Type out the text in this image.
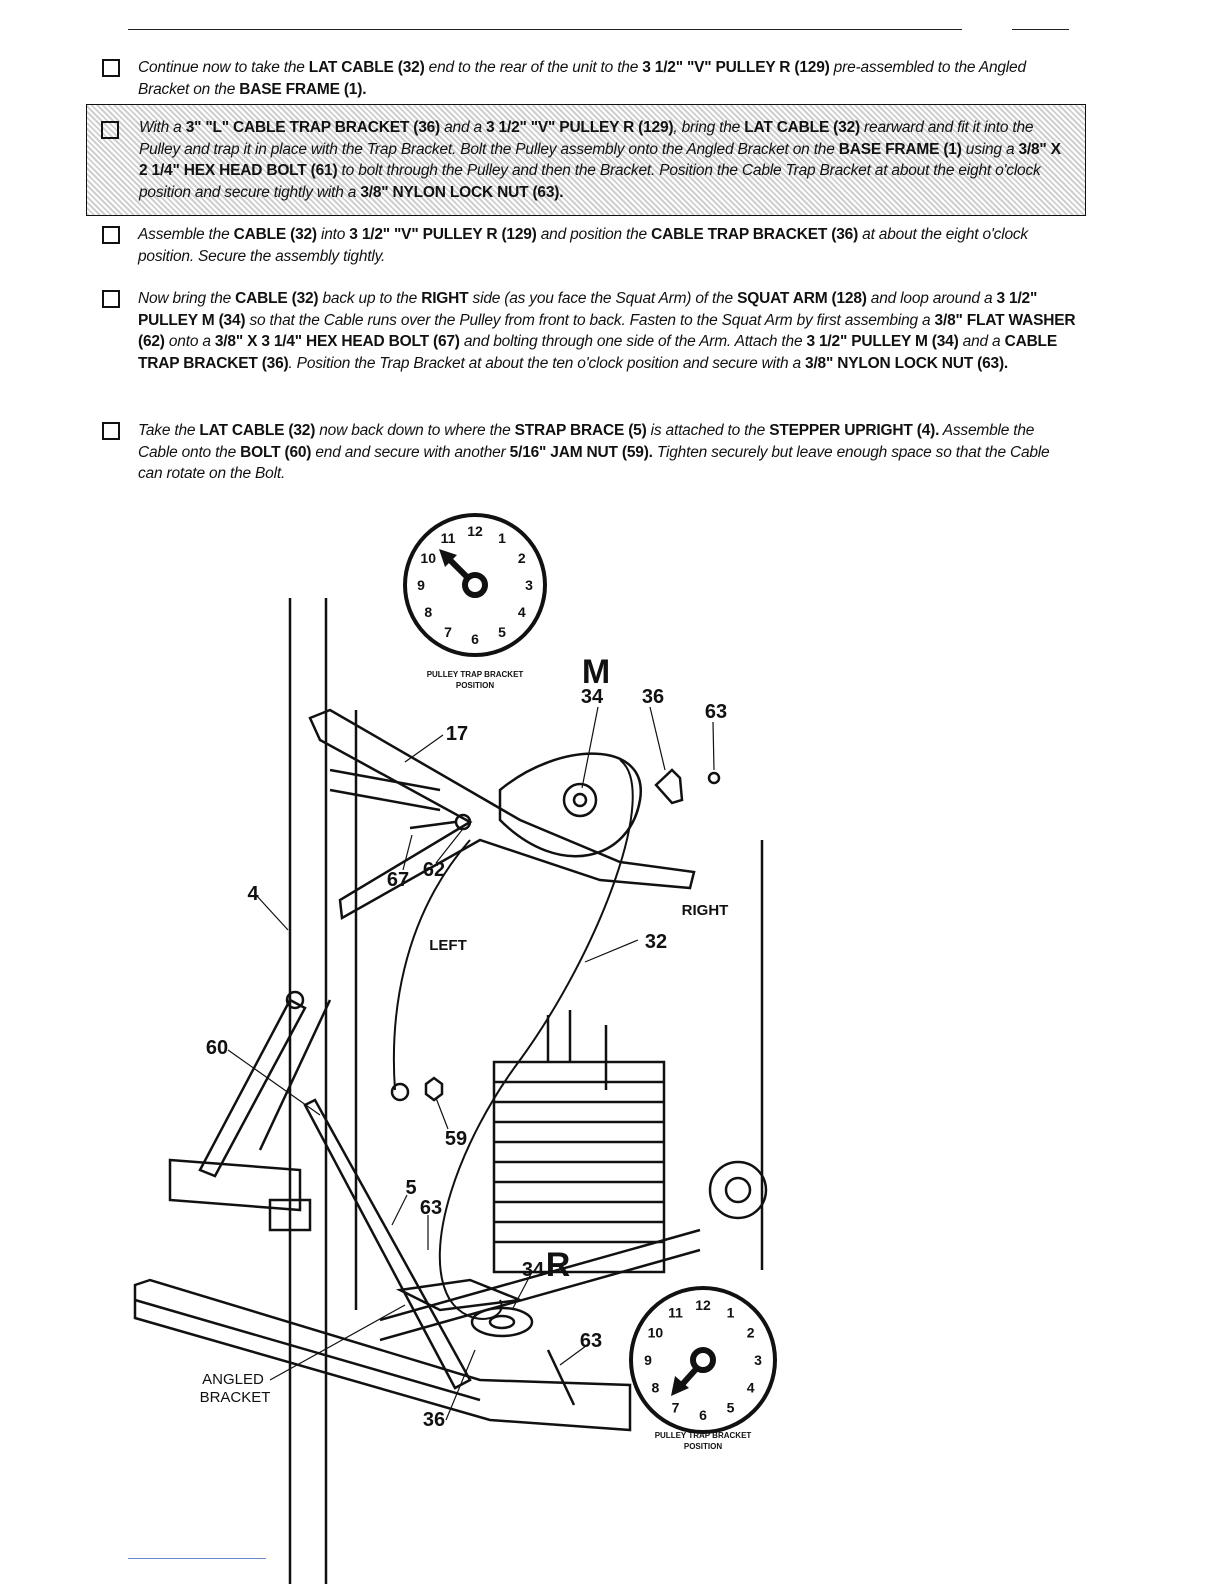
Continue now to take the LAT CABLE (32) end to the rear of the unit to the 3 1/2" "V" PULLEY R (129) pre-assembled to the Angled Bracket on the BASE FRAME (1).
With a 3" "L" CABLE TRAP BRACKET (36) and a 3 1/2" "V" PULLEY R (129), bring the LAT CABLE (32) rearward and fit it into the Pulley and trap it in place with the Trap Bracket. Bolt the Pulley assembly onto the Angled Bracket on the BASE FRAME (1) using a 3/8" X 2 1/4" HEX HEAD BOLT (61) to bolt through the Pulley and then the Bracket. Position the Cable Trap Bracket at about the eight o'clock position and secure tightly with a 3/8" NYLON LOCK NUT (63).
Assemble the CABLE (32) into 3 1/2" "V" PULLEY R (129) and position the CABLE TRAP BRACKET (36) at about the eight o'clock position. Secure the assembly tightly.
Now bring the CABLE (32) back up to the RIGHT side (as you face the Squat Arm) of the SQUAT ARM (128) and loop around a 3 1/2" PULLEY M (34) so that the Cable runs over the Pulley from front to back. Fasten to the Squat Arm by first assembing a 3/8" FLAT WASHER (62) onto a 3/8" X 3 1/4" HEX HEAD BOLT (67) and bolting through one side of the Arm. Attach the 3 1/2" PULLEY M (34) and a CABLE TRAP BRACKET (36). Position the Trap Bracket at about the ten o'clock position and secure with a 3/8" NYLON LOCK NUT (63).
Take the LAT CABLE (32) now back down to where the STRAP BRACE (5) is attached to the STEPPER UPRIGHT (4). Assemble the Cable onto the BOLT (60) end and secure with another 5/16" JAM NUT (59). Tighten securely but leave enough space so that the Cable can rotate on the Bolt.
12 1
2
3
4
5
6
7
8
9
10
11
12 1
2
3
4
5
6
7
8
9
10
11
PULLEY TRAP BRACKET
POSITION
PULLEY TRAP BRACKET
POSITION
M
R
34 36
63
17
67 62
4
RIGHT
LEFT	32
60
59
5
63
34
63
ANGLED
BRACKET
36
